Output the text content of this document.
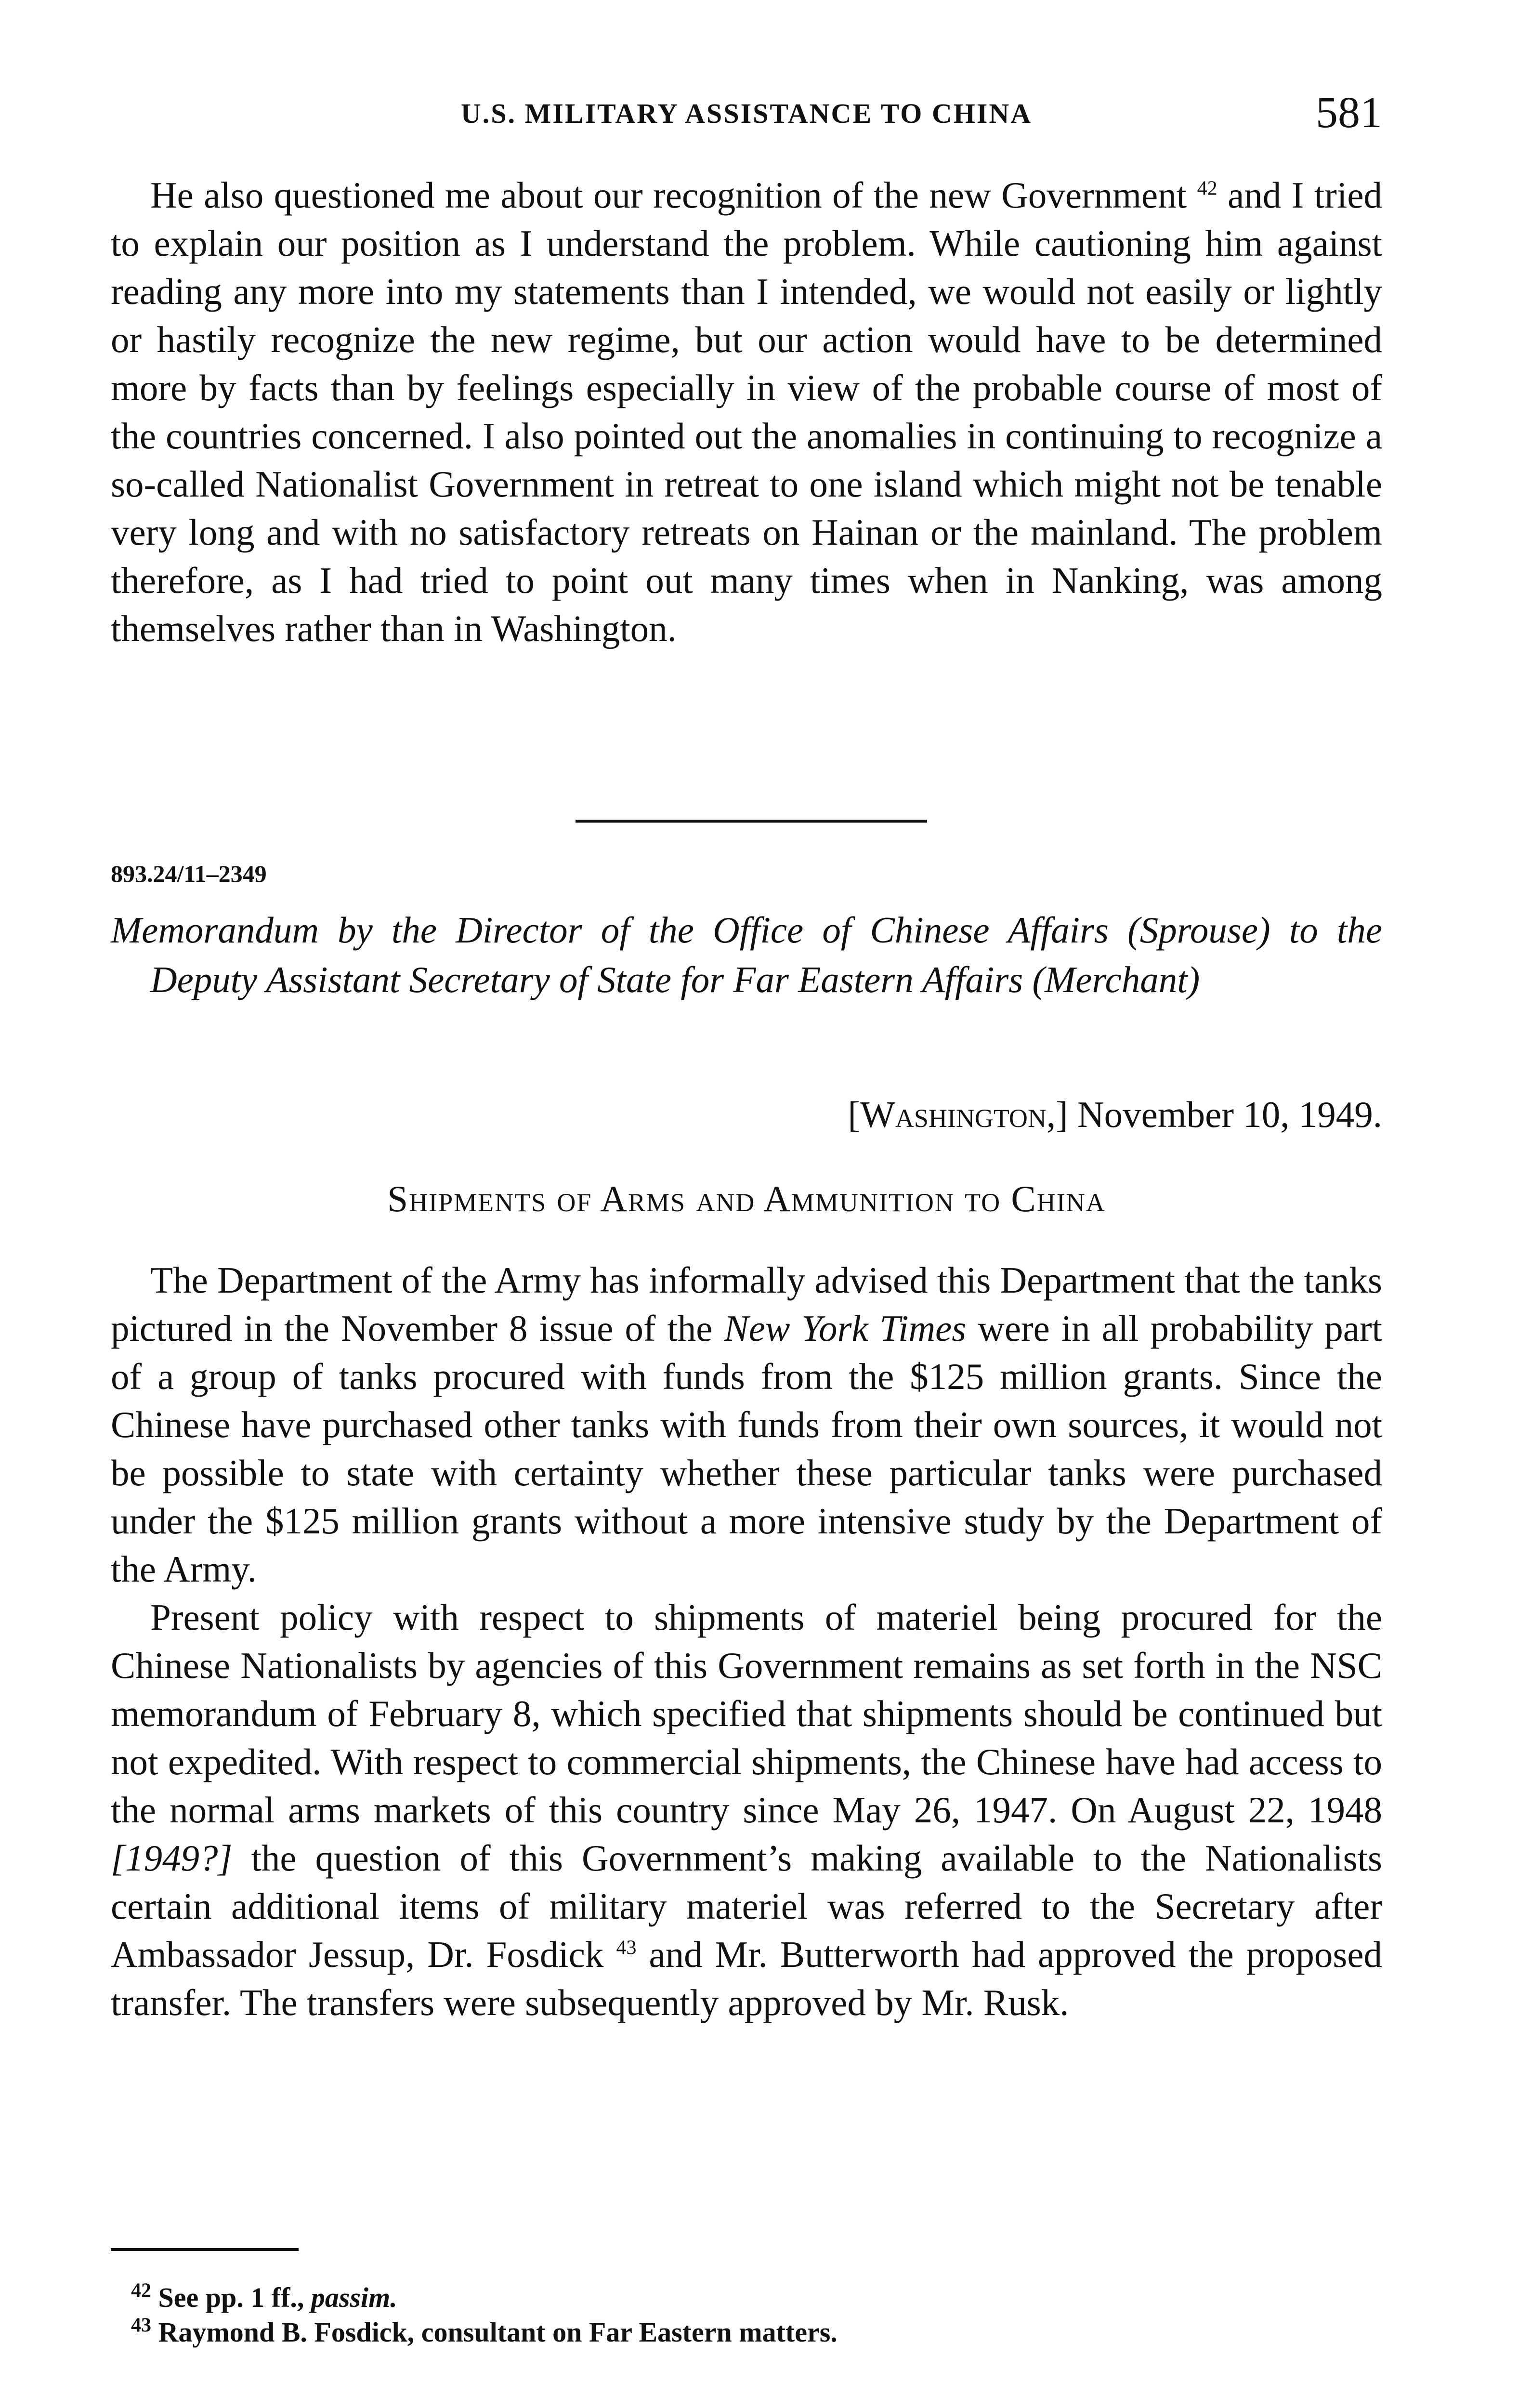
U.S. MILITARY ASSISTANCE TO CHINA	581

He also questioned me about our recognition of the new Government $^{42}$ and I tried to explain our position as I understand the problem. While cautioning him against reading any more into my statements than I intended, we would not easily or lightly or hastily recognize the new regime, but our action would have to be determined more by facts than by feelings especially in view of the probable course of most of the countries concerned. I also pointed out the anomalies in continuing to recognize a so-called Nationalist Government in retreat to one island which might not be tenable very long and with no satisfactory retreats on Hainan or the mainland. The problem therefore, as I had tried to point out many times when in Nanking, was among themselves rather than in Washington.

893.24/11–2349

Memorandum by the Director of the Office of Chinese Affairs (Sprouse) to the Deputy Assistant Secretary of State for Far Eastern Affairs (Merchant)

[Washington,] November 10, 1949.
Shipments of Arms and Ammunition to China

The Department of the Army has informally advised this Department that the tanks pictured in the November 8 issue of the New York Times were in all probability part of a group of tanks procured with funds from the $125 million grants. Since the Chinese have purchased other tanks with funds from their own sources, it would not be possible to state with certainty whether these particular tanks were purchased under the $125 million grants without a more intensive study by the Department of the Army.

Present policy with respect to shipments of materiel being procured for the Chinese Nationalists by agencies of this Government remains as set forth in the NSC memorandum of February 8, which specified that shipments should be continued but not expedited. With respect to commercial shipments, the Chinese have had access to the normal arms markets of this country since May 26, 1947. On August 22, 1948 [1949?] the question of this Government’s making available to the Nationalists certain additional items of military materiel was referred to the Secretary after Ambassador Jessup, Dr. Fosdick $^{43}$ and Mr. Butterworth had approved the proposed transfer. The transfers were subsequently approved by Mr. Rusk.

$^{42}$ See pp. 1 ff., passim.

$^{43}$ Raymond B. Fosdick, consultant on Far Eastern matters.
